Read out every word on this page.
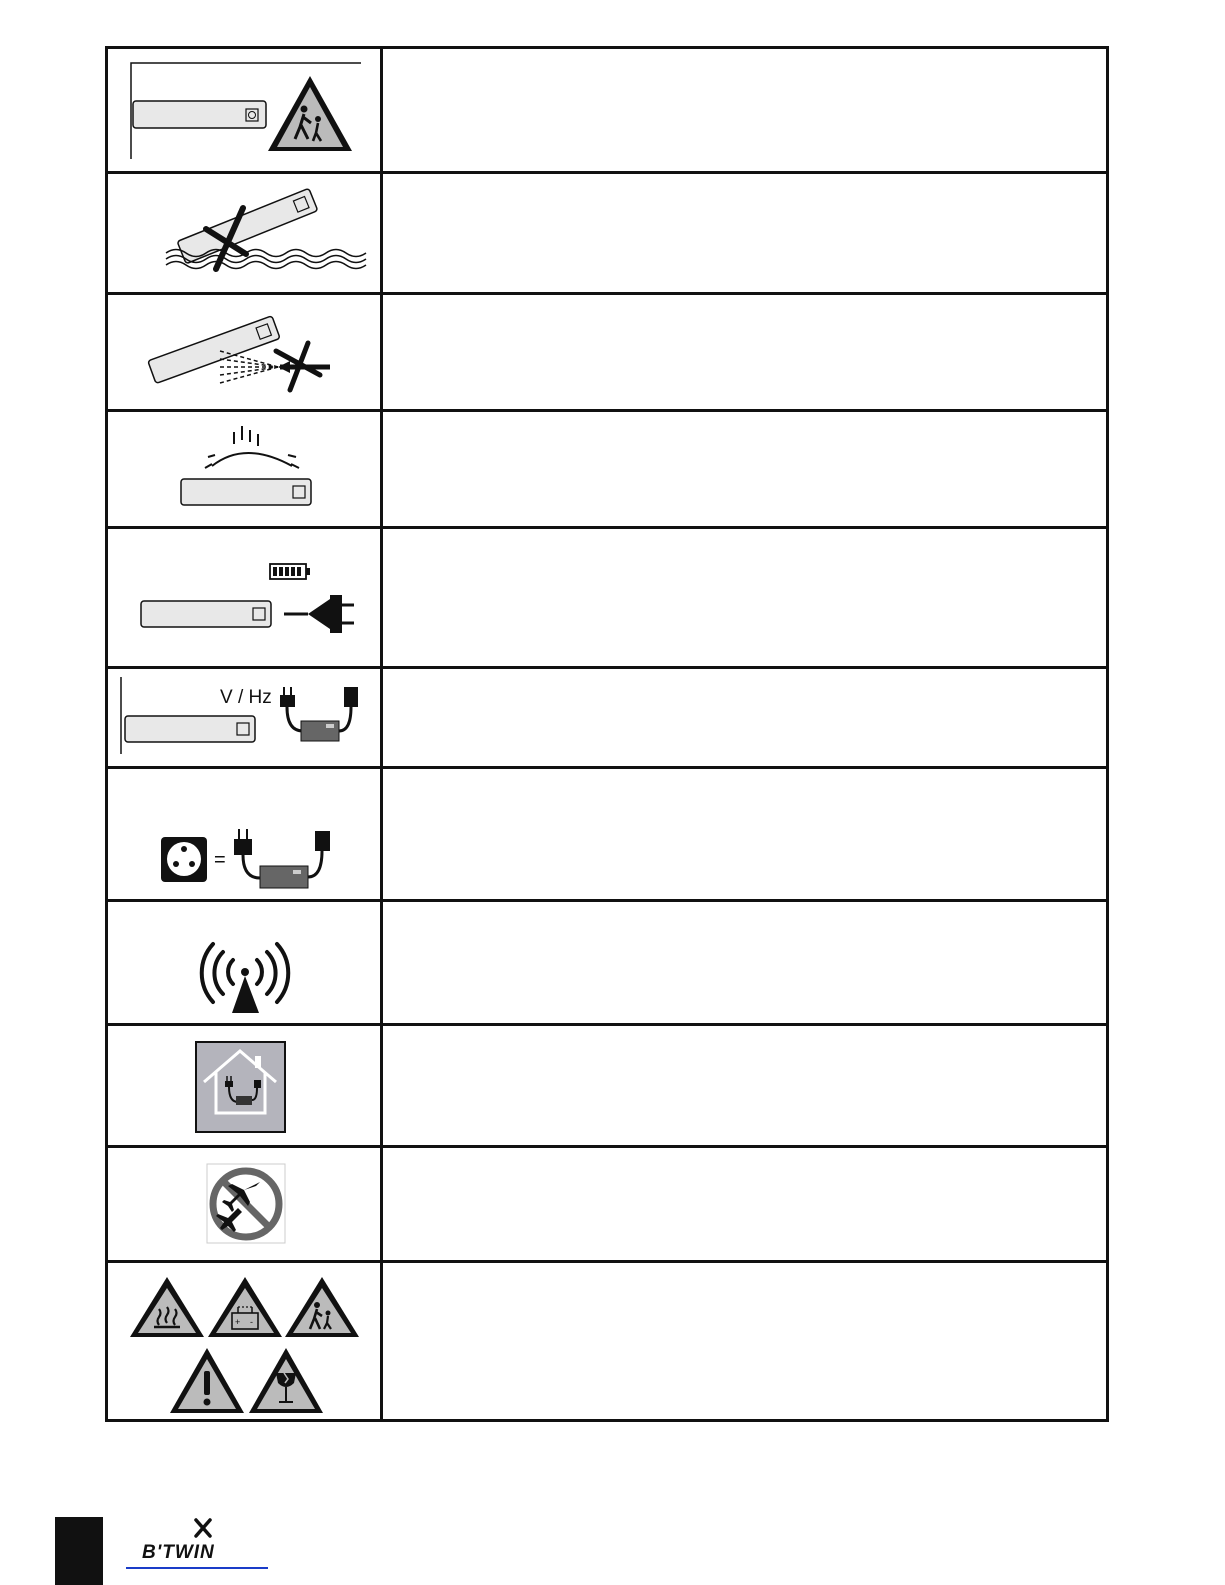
V / Hz
=
+ -
B'TWIN
